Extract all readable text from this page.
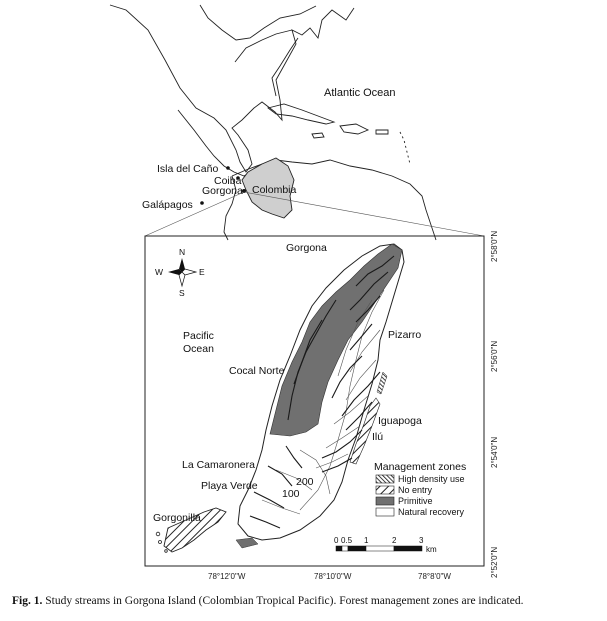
Atlantic Ocean
Isla del Caño
Coiba
Gorgona Colombia
Galápagos
N
S
E
W
Gorgona
Pacific
Ocean
Pizarro
Cocal Norte
Iguapoga
Ilú
La Camaronera
Playa Verde
Gorgonilla
200
100
Management zones
High density use
No entry
Primitive
Natural recovery
0 0.5 1	2	3
km
78°12'0"W	78°10'0"W	78°8'0"W
2°58'0"N
2°56'0"N
2°54'0"N
2°52'0"N
Fig. 1. Study streams in Gorgona Island (Colombian Tropical Pacific). Forest management zones are indicated.
